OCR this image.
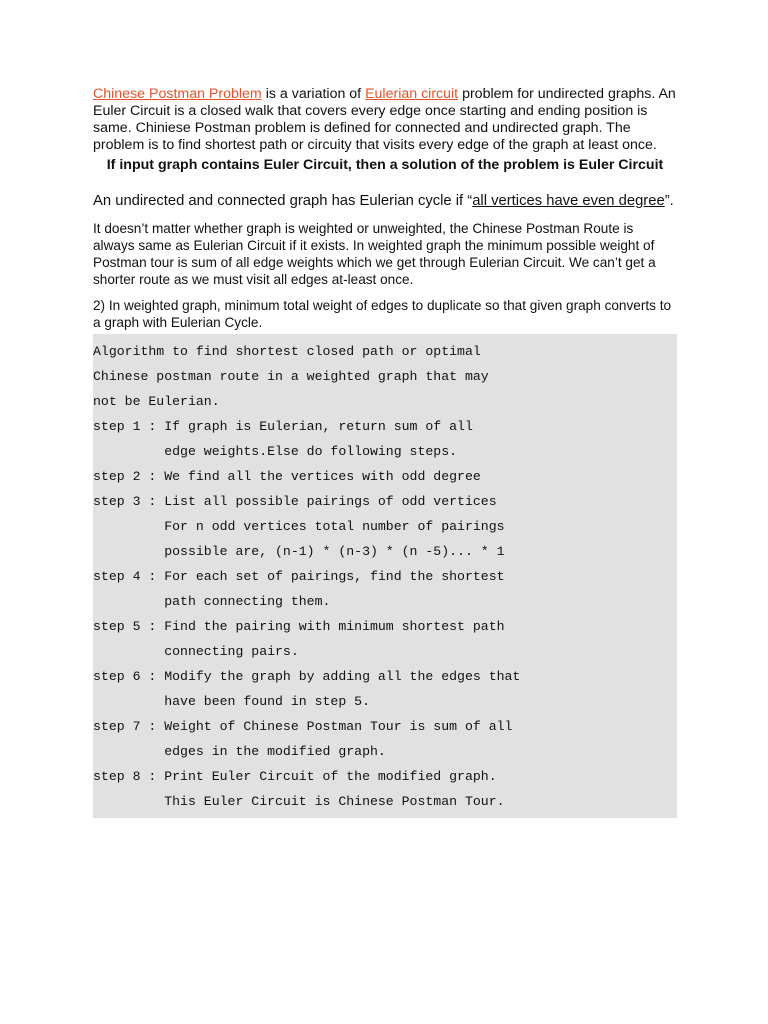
Chinese Postman Problem is a variation of Eulerian circuit problem for undirected graphs. An Euler Circuit is a closed walk that covers every edge once starting and ending position is same. Chiniese Postman problem is defined for connected and undirected graph. The problem is to find shortest path or circuity that visits every edge of the graph at least once.

If input graph contains Euler Circuit, then a solution of the problem is Euler Circuit

An undirected and connected graph has Eulerian cycle if “all vertices have even degree”.

It doesn’t matter whether graph is weighted or unweighted, the Chinese Postman Route is always same as Eulerian Circuit if it exists. In weighted graph the minimum possible weight of Postman tour is sum of all edge weights which we get through Eulerian Circuit. We can’t get a shorter route as we must visit all edges at-least once.

2) In weighted graph, minimum total weight of edges to duplicate so that given graph converts to a graph with Eulerian Cycle.

Algorithm to find shortest closed path or optimal
Chinese postman route in a weighted graph that may
not be Eulerian.
step 1 : If graph is Eulerian, return sum of all
edge weights.Else do following steps.
step 2 : We find all the vertices with odd degree
step 3 : List all possible pairings of odd vertices
For n odd vertices total number of pairings
possible are, (n-1) * (n-3) * (n -5)... * 1
step 4 : For each set of pairings, find the shortest
path connecting them.
step 5 : Find the pairing with minimum shortest path
connecting pairs.
step 6 : Modify the graph by adding all the edges that
have been found in step 5.
step 7 : Weight of Chinese Postman Tour is sum of all
edges in the modified graph.
step 8 : Print Euler Circuit of the modified graph.
This Euler Circuit is Chinese Postman Tour.
